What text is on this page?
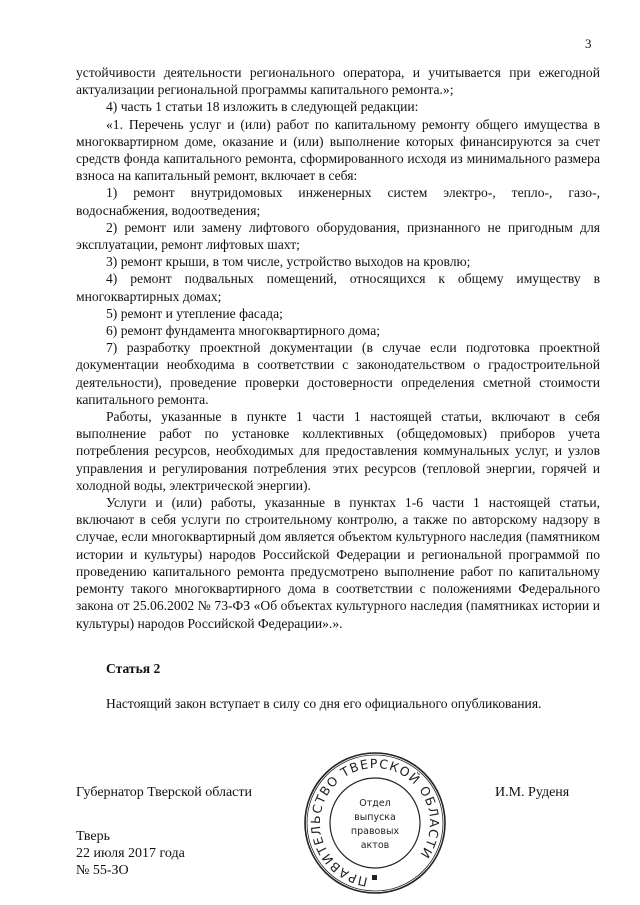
3

устойчивости деятельности регионального оператора, и учитывается при ежегодной актуализации региональной программы капитального ремонта.»;

4) часть 1 статьи 18 изложить в следующей редакции:

«1. Перечень услуг и (или) работ по капитальному ремонту общего имущества в многоквартирном доме, оказание и (или) выполнение которых финансируются за счет средств фонда капитального ремонта, сформированного исходя из минимального размера взноса на капитальный ремонт, включает в себя:

1) ремонт внутридомовых инженерных систем электро-, тепло-, газо-, водоснабжения, водоотведения;

2) ремонт или замену лифтового оборудования, признанного не пригодным для эксплуатации, ремонт лифтовых шахт;

3) ремонт крыши, в том числе, устройство выходов на кровлю;

4) ремонт подвальных помещений, относящихся к общему имуществу в многоквартирных домах;

5) ремонт и утепление фасада;

6) ремонт фундамента многоквартирного дома;

7) разработку проектной документации (в случае если подготовка проектной документации необходима в соответствии с законодательством о градостроительной деятельности), проведение проверки достоверности определения сметной стоимости капитального ремонта.

Работы, указанные в пункте 1 части 1 настоящей статьи, включают в себя выполнение работ по установке коллективных (общедомовых) приборов учета потребления ресурсов, необходимых для предоставления коммунальных услуг, и узлов управления и регулирования потребления этих ресурсов (тепловой энергии, горячей и холодной воды, электрической энергии).

Услуги и (или) работы, указанные в пунктах 1-6 части 1 настоящей статьи, включают в себя услуги по строительному контролю, а также по авторскому надзору в случае, если многоквартирный дом является объектом культурного наследия (памятником истории и культуры) народов Российской Федерации и региональной программой по проведению капитального ремонта предусмотрено выполнение работ по капитальному ремонту такого многоквартирного дома в соответствии с положениями Федерального закона от 25.06.2002 № 73-ФЗ «Об объектах культурного наследия (памятниках истории и культуры) народов Российской Федерации».».

Статья 2

Настоящий закон вступает в силу со дня его официального опубликования.

Губернатор Тверской области	И.М. Руденя
Тверь
22 июля 2017 года
№ 55-ЗО
ПРАВИТЕЛЬСТВО ТВЕРСКОЙ ОБЛАСТИ
Отдел
выпуска
правовых
актов
